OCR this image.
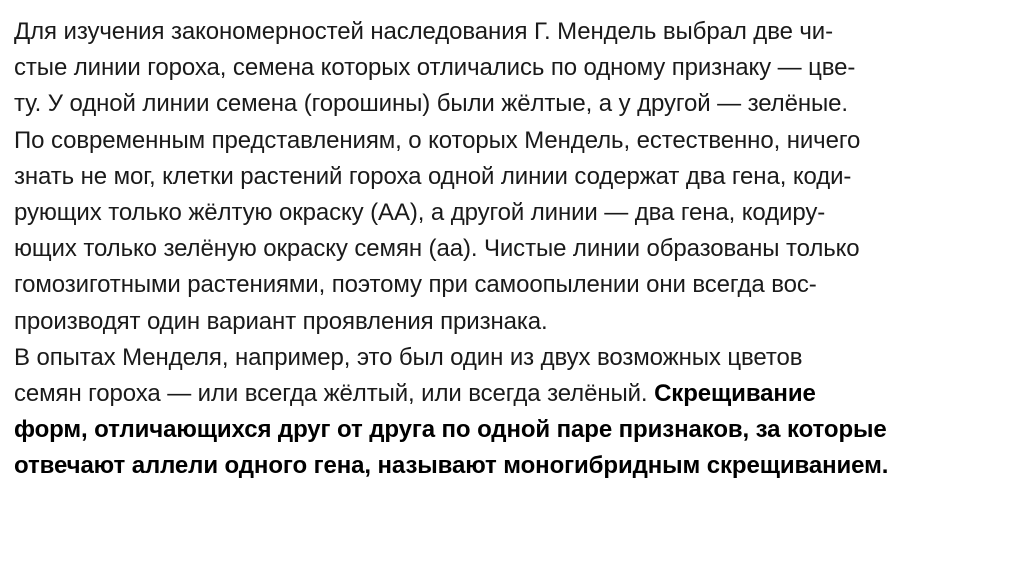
Для изучения закономерностей наследования Г. Мендель выбрал две чи-
стые линии гороха, семена которых отличались по одному признаку — цве-
ту. У одной линии семена (горошины) были жёлтые, а у другой — зелёные.
По современным представлениям, о которых Мендель, естественно, ничего
знать не мог, клетки растений гороха одной линии содержат два гена, коди-
рующих только жёлтую окраску (АА), а другой линии — два гена, кодиру-
ющих только зелёную окраску семян (аа). Чистые линии образованы только
гомозиготными растениями, поэтому при самоопылении они всегда вос-
производят один вариант проявления признака.
В опытах Менделя, например, это был один из двух возможных цветов
семян гороха — или всегда жёлтый, или всегда зелёный. Скрещивание
форм, отличающихся друг от друга по одной паре признаков, за которые
отвечают аллели одного гена, называют моногибридным скрещиванием.
